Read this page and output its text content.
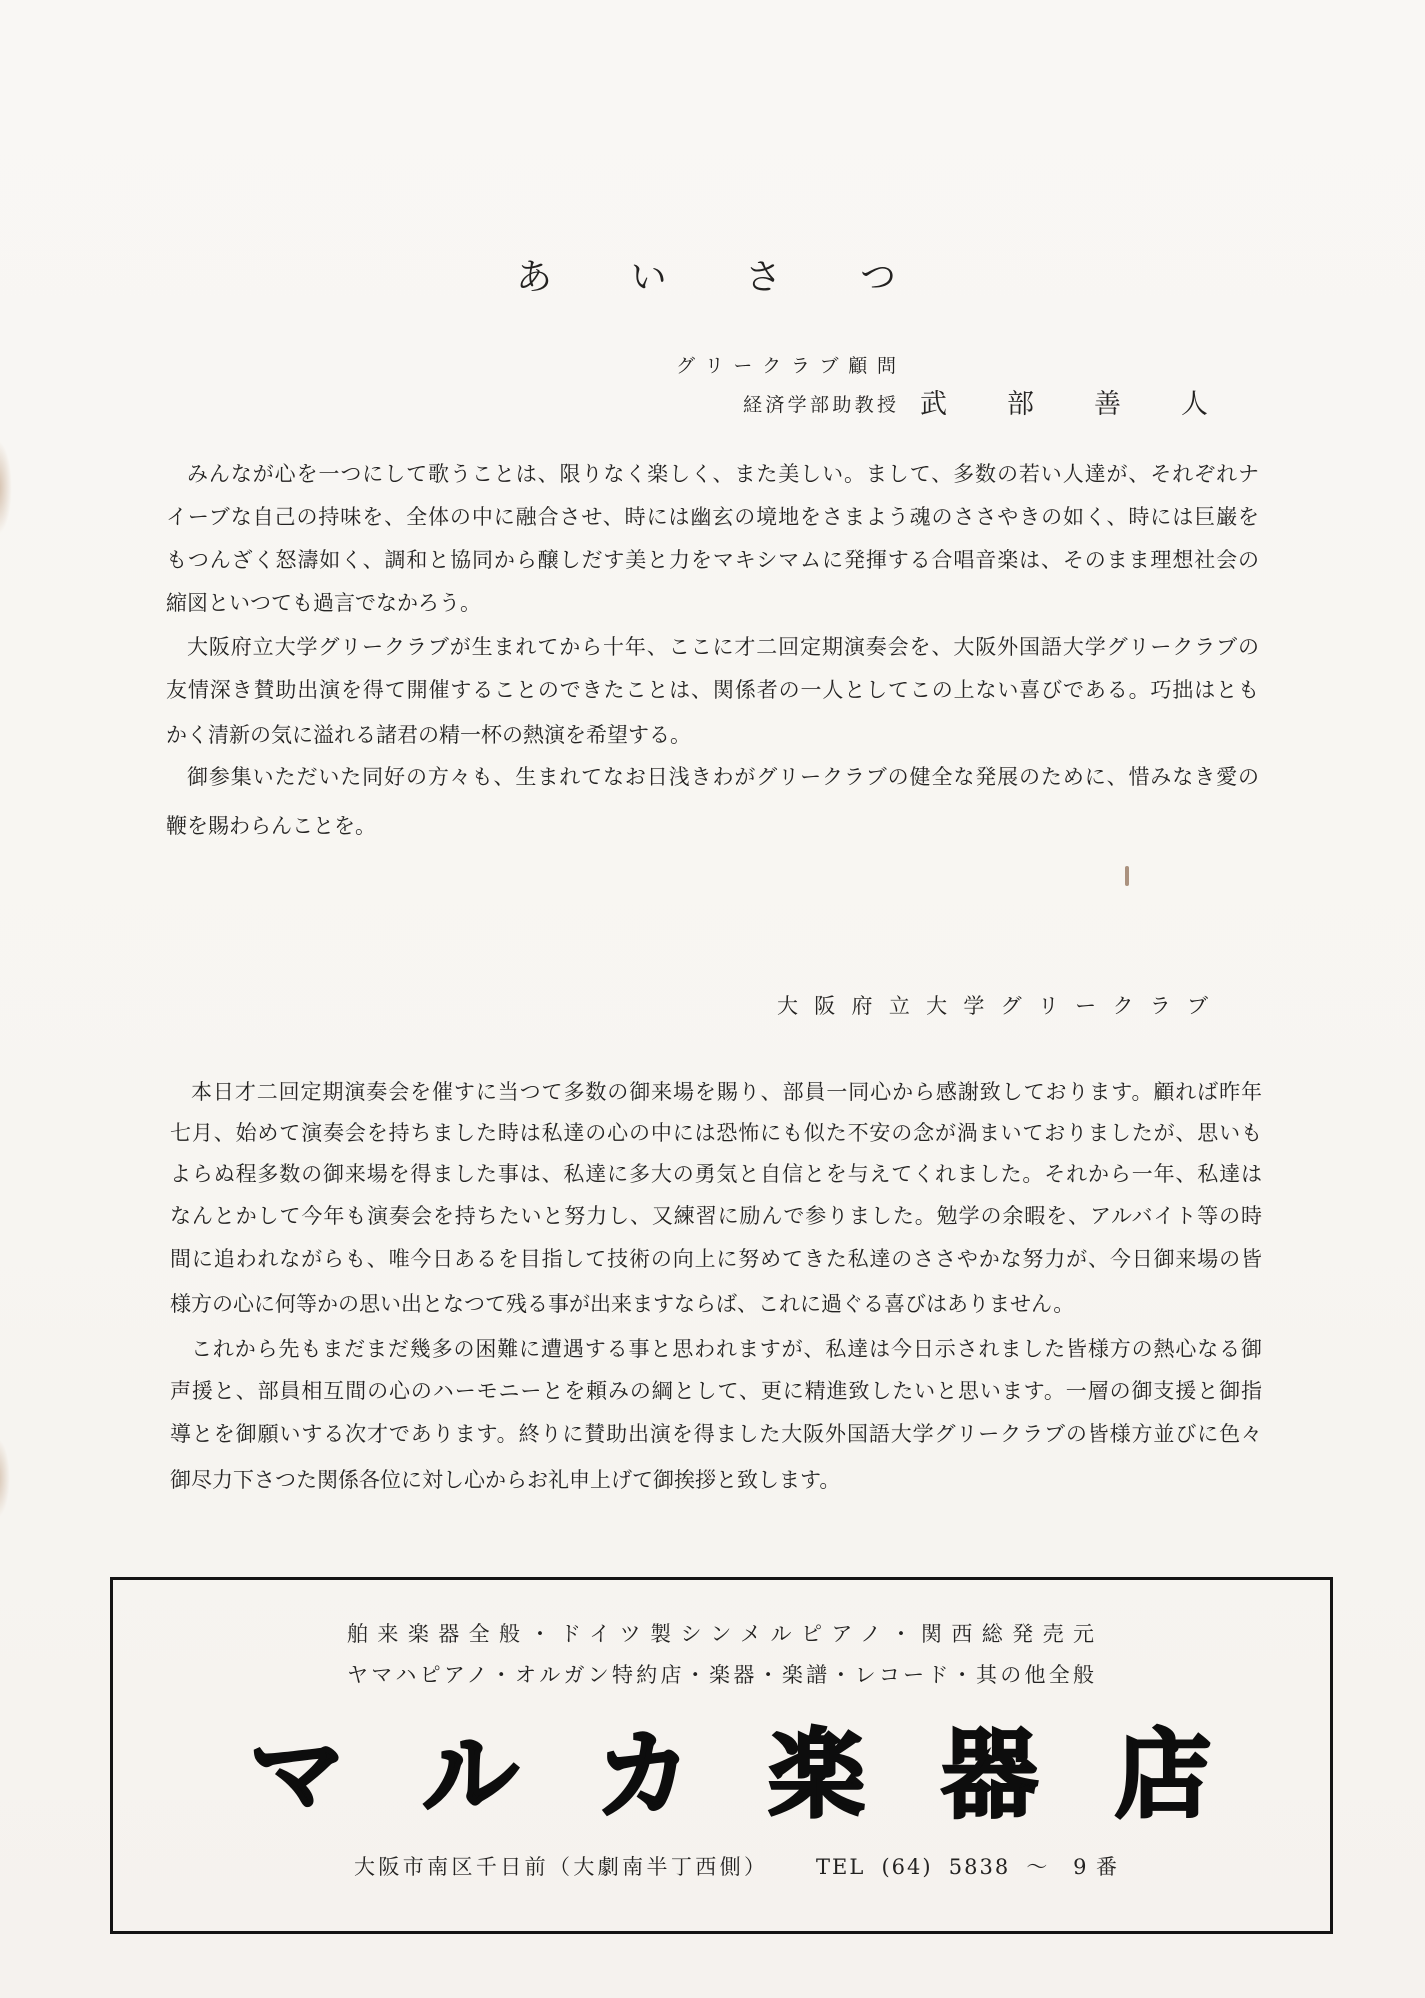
あいさつ
グリークラブ顧問
経済学部助教授 武部善人
みんなが心を一つにして歌うことは、限りなく楽しく、また美しい。まして、多数の若い人達が、それぞれナ
イーブな自己の持味を、全体の中に融合させ、時には幽玄の境地をさまよう魂のささやきの如く、時には巨巌を
もつんざく怒濤如く、調和と協同から醸しだす美と力をマキシマムに発揮する合唱音楽は、そのまま理想社会の
縮図といつても過言でなかろう。
大阪府立大学グリークラブが生まれてから十年、ここに才二回定期演奏会を、大阪外国語大学グリークラブの
友情深き賛助出演を得て開催することのできたことは、関係者の一人としてこの上ない喜びである。巧拙はとも
かく清新の気に溢れる諸君の精一杯の熱演を希望する。
御参集いただいた同好の方々も、生まれてなお日浅きわがグリークラブの健全な発展のために、惜みなき愛の
鞭を賜わらんことを。
大阪府立大学グリークラブ
本日才二回定期演奏会を催すに当つて多数の御来場を賜り、部員一同心から感謝致しております。顧れば昨年
七月、始めて演奏会を持ちました時は私達の心の中には恐怖にも似た不安の念が渦まいておりましたが、思いも
よらぬ程多数の御来場を得ました事は、私達に多大の勇気と自信とを与えてくれました。それから一年、私達は
なんとかして今年も演奏会を持ちたいと努力し、又練習に励んで参りました。勉学の余暇を、アルバイト等の時
間に追われながらも、唯今日あるを目指して技術の向上に努めてきた私達のささやかな努力が、今日御来場の皆
様方の心に何等かの思い出となつて残る事が出来ますならば、これに過ぐる喜びはありません。
これから先もまだまだ幾多の困難に遭遇する事と思われますが、私達は今日示されました皆様方の熱心なる御
声援と、部員相互間の心のハーモニーとを頼みの綱として、更に精進致したいと思います。一層の御支援と御指
導とを御願いする次才であります。終りに賛助出演を得ました大阪外国語大学グリークラブの皆様方並びに色々
御尽力下さつた関係各位に対し心からお礼申上げて御挨拶と致します。
舶来楽器全般・ドイツ製シンメルピアノ・関西総発売元
ヤマハピアノ・オルガン特約店・楽器・楽譜・レコード・其の他全般
マルカ楽器店
大阪市南区千日前（大劇南半丁西側） TEL (64) 5838 ～ 9番
